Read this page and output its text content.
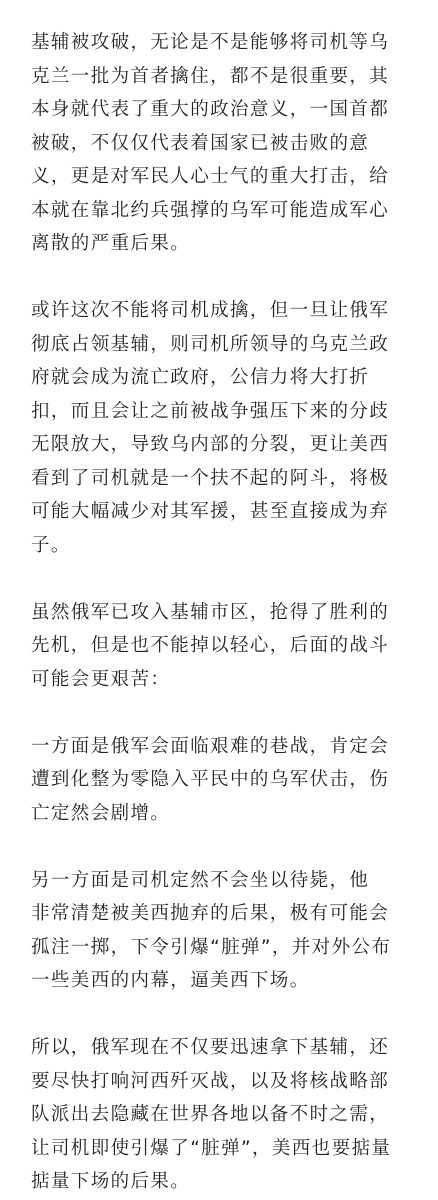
基辅被攻破，无论是不是能够将司机等乌
克兰一批为首者擒住，都不是很重要，其
本身就代表了重大的政治意义，一国首都
被破，不仅仅代表着国家已被击败的意
义，更是对军民人心士气的重大打击，给
本就在靠北约兵强撑的乌军可能造成军心
离散的严重后果。

或许这次不能将司机成擒，但一旦让俄军
彻底占领基辅，则司机所领导的乌克兰政
府就会成为流亡政府，公信力将大打折
扣，而且会让之前被战争强压下来的分歧
无限放大，导致乌内部的分裂，更让美西
看到了司机就是一个扶不起的阿斗，将极
可能大幅减少对其军援，甚至直接成为弃
子。

虽然俄军已攻入基辅市区，抢得了胜利的
先机，但是也不能掉以轻心，后面的战斗
可能会更艰苦：

一方面是俄军会面临艰难的巷战，肯定会
遭到化整为零隐入平民中的乌军伏击，伤
亡定然会剧增。

另一方面是司机定然不会坐以待毙，他
非常清楚被美西抛弃的后果，极有可能会
孤注一掷，下令引爆“脏弹”，并对外公布
一些美西的内幕，逼美西下场。

所以，俄军现在不仅要迅速拿下基辅，还
要尽快打响河西歼灭战，以及将核战略部
队派出去隐藏在世界各地以备不时之需，
让司机即使引爆了“脏弹”，美西也要掂量
掂量下场的后果。
